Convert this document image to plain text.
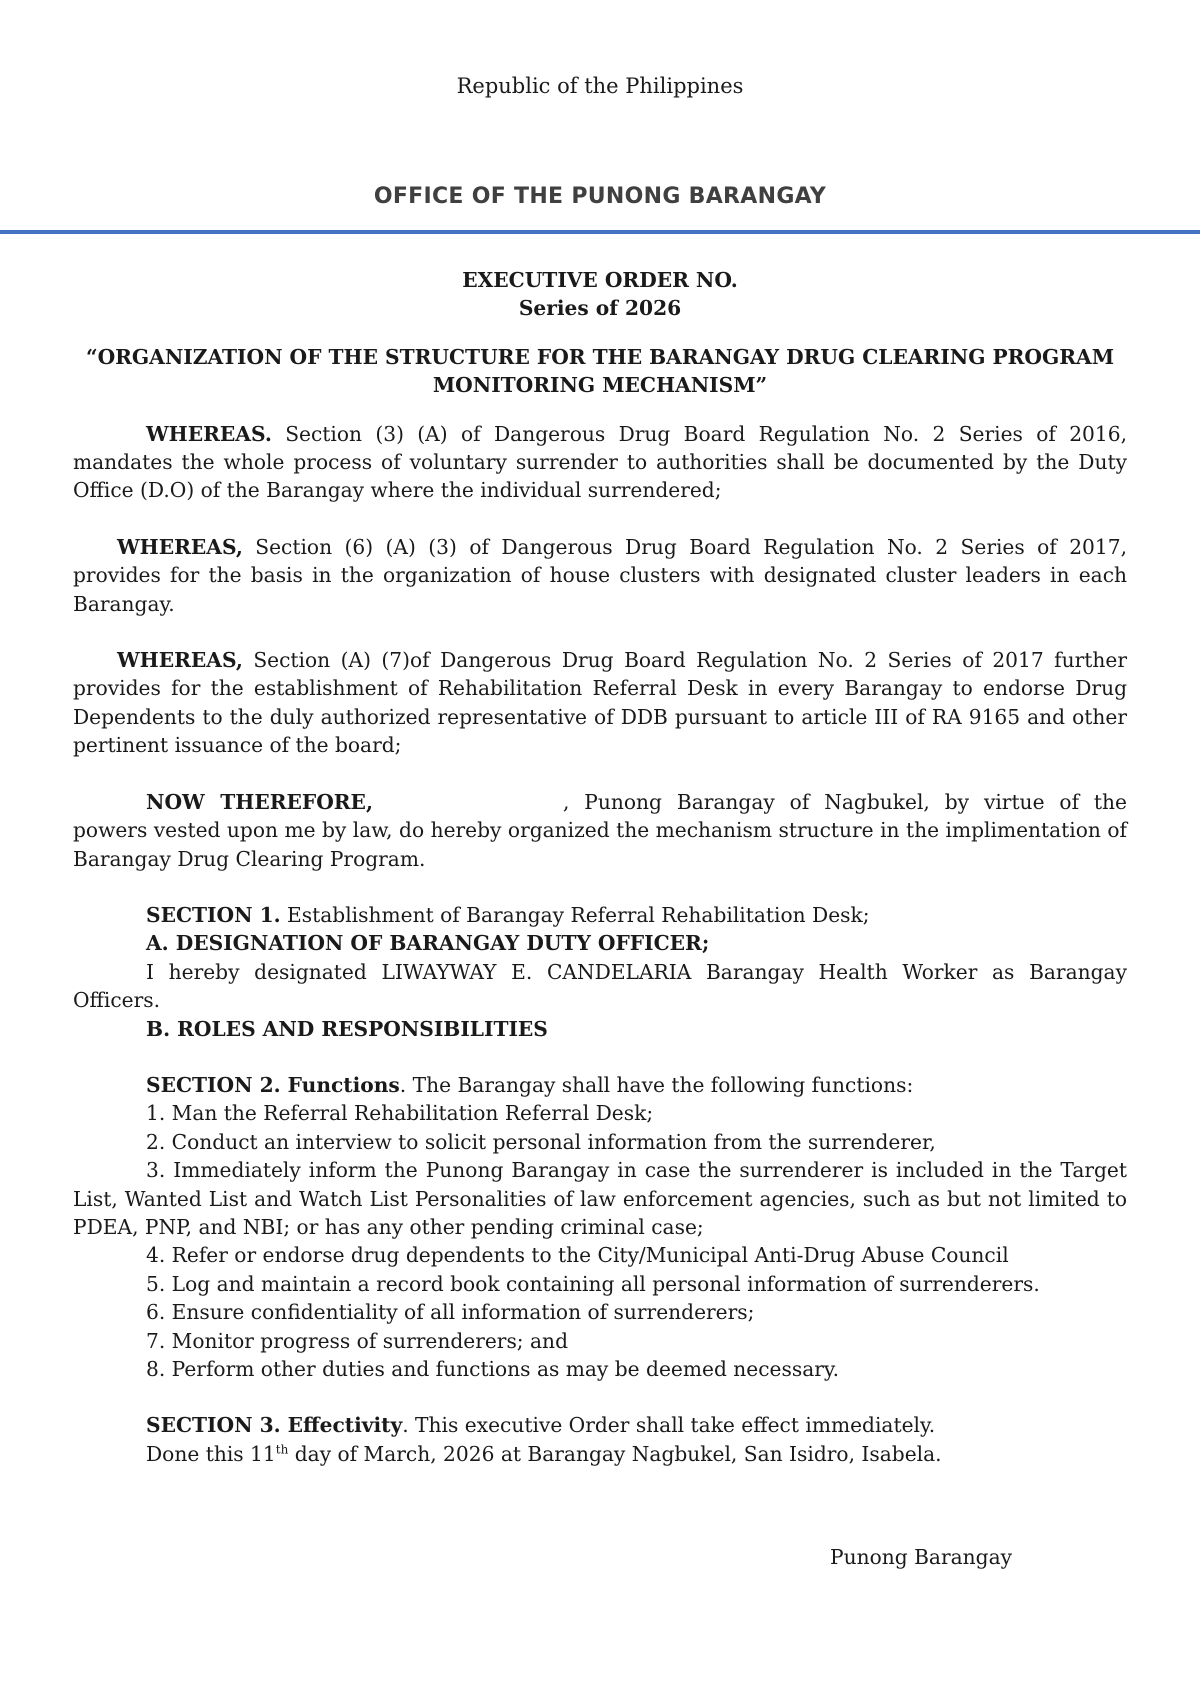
Republic of the Philippines
OFFICE OF THE PUNONG BARANGAY

EXECUTIVE ORDER NO.

Series of 2026

“ORGANIZATION OF THE STRUCTURE FOR THE BARANGAY DRUG CLEARING PROGRAM

MONITORING MECHANISM”

WHEREAS. Section (3) (A) of Dangerous Drug Board Regulation No. 2 Series of 2016, mandates the whole process of voluntary surrender to authorities shall be documented by the Duty Office (D.O) of the Barangay where the individual surrendered;

WHEREAS, Section (6) (A) (3) of Dangerous Drug Board Regulation No. 2 Series of 2017, provides for the basis in the organization of house clusters with designated cluster leaders in each Barangay.

WHEREAS, Section (A) (7)of Dangerous Drug Board Regulation No. 2 Series of 2017 further provides for the establishment of Rehabilitation Referral Desk in every Barangay to endorse Drug Dependents to the duly authorized representative of DDB pursuant to article III of RA 9165 and other pertinent issuance of the board;

NOW THEREFORE,	, Punong Barangay of Nagbukel, by virtue of the powers vested upon me by law, do hereby organized the mechanism structure in the implimentation of Barangay Drug Clearing Program.

SECTION 1. Establishment of Barangay Referral Rehabilitation Desk;

A. DESIGNATION OF BARANGAY DUTY OFFICER;

I hereby designated LIWAYWAY E. CANDELARIA Barangay Health Worker as Barangay Officers.

B. ROLES AND RESPONSIBILITIES

SECTION 2. Functions. The Barangay shall have the following functions:

1. Man the Referral Rehabilitation Referral Desk;

2. Conduct an interview to solicit personal information from the surrenderer,

3. Immediately inform the Punong Barangay in case the surrenderer is included in the Target List, Wanted List and Watch List Personalities of law enforcement agencies, such as but not limited to PDEA, PNP, and NBI; or has any other pending criminal case;

4. Refer or endorse drug dependents to the City/Municipal Anti-Drug Abuse Council

5. Log and maintain a record book containing all personal information of surrenderers.

6. Ensure confidentiality of all information of surrenderers;

7. Monitor progress of surrenderers; and

8. Perform other duties and functions as may be deemed necessary.

SECTION 3. Effectivity. This executive Order shall take effect immediately.

Done this 11th day of March, 2026 at Barangay Nagbukel, San Isidro, Isabela.

Punong Barangay
